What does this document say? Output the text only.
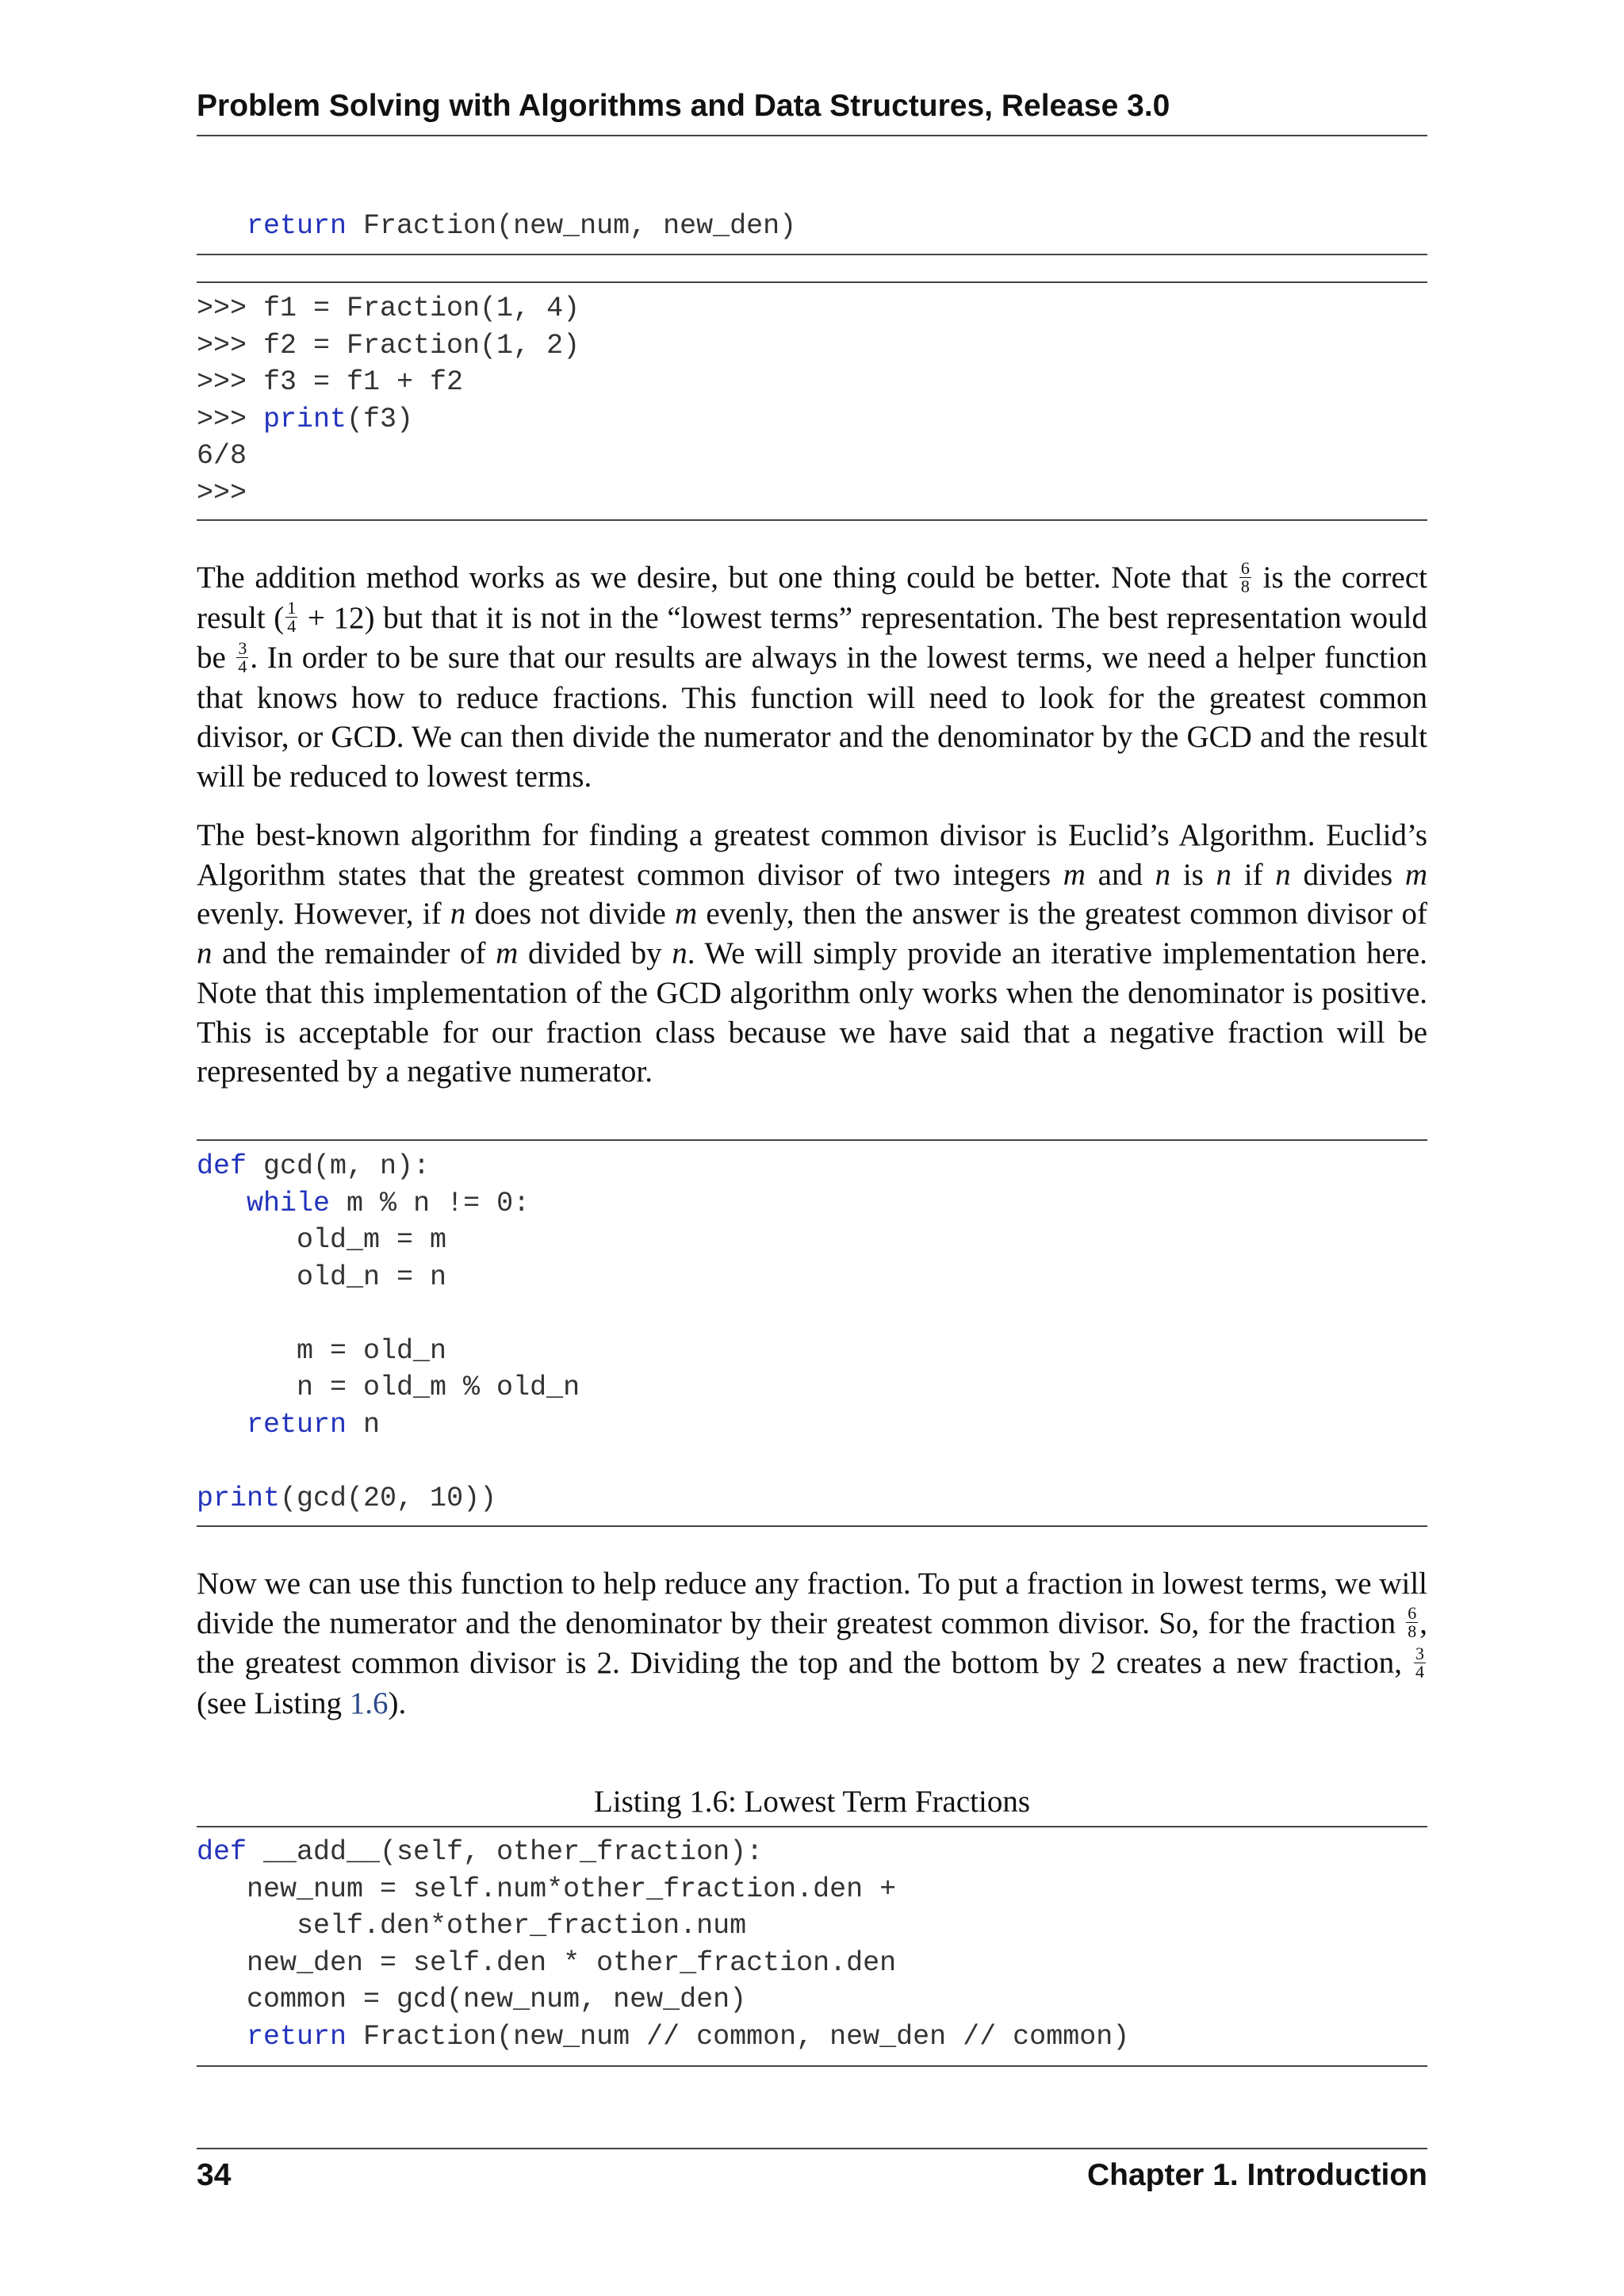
Problem Solving with Algorithms and Data Structures, Release 3.0
return Fraction(new_num, new_den)
>>> f1 = Fraction(1, 4)
>>> f2 = Fraction(1, 2)
>>> f3 = f1 + f2
>>> print(f3)
6/8
>>>

The addition method works as we desire, but one thing could be better. Note that $\frac{6}{8}$ is the correct result ( $\frac{1}{4} + 12$) but that it is not in the “lowest terms” representation. The best representation would be $\frac{3}{4}$ . In order to be sure that our results are always in the lowest terms, we need a helper function that knows how to reduce fractions. This function will need to look for the greatest common divisor, or GCD. We can then divide the numerator and the denominator by the GCD and the result will be reduced to lowest terms.

The best-known algorithm for finding a greatest common divisor is Euclid’s Algorithm. Euclid’s Algorithm states that the greatest common divisor of two integers m and n is n if n divides m evenly. However, if n does not divide m evenly, then the answer is the greatest common divisor of n and the remainder of m divided by n. We will simply provide an iterative implementation here. Note that this implementation of the GCD algorithm only works when the denominator is positive. This is acceptable for our fraction class because we have said that a negative fraction will be represented by a negative numerator.

def gcd(m, n):
while m % n != 0:
old_m = m
old_n = n
m = old_n
n = old_m % old_n
return n
print(gcd(20, 10))

Now we can use this function to help reduce any fraction. To put a fraction in lowest terms, we will divide the numerator and the denominator by their greatest common divisor. So, for the fraction $\frac{6}{8}$ , the greatest common divisor is 2. Dividing the top and the bottom by 2 creates a new fraction, $\frac{3}{4}$
(see Listing 1.6).

Listing 1.6: Lowest Term Fractions
def __add__(self, other_fraction):
new_num = self.num*other_fraction.den +
self.den*other_fraction.num
new_den = self.den * other_fraction.den
common = gcd(new_num, new_den)
return Fraction(new_num // common, new_den // common)
34	Chapter 1. Introduction
